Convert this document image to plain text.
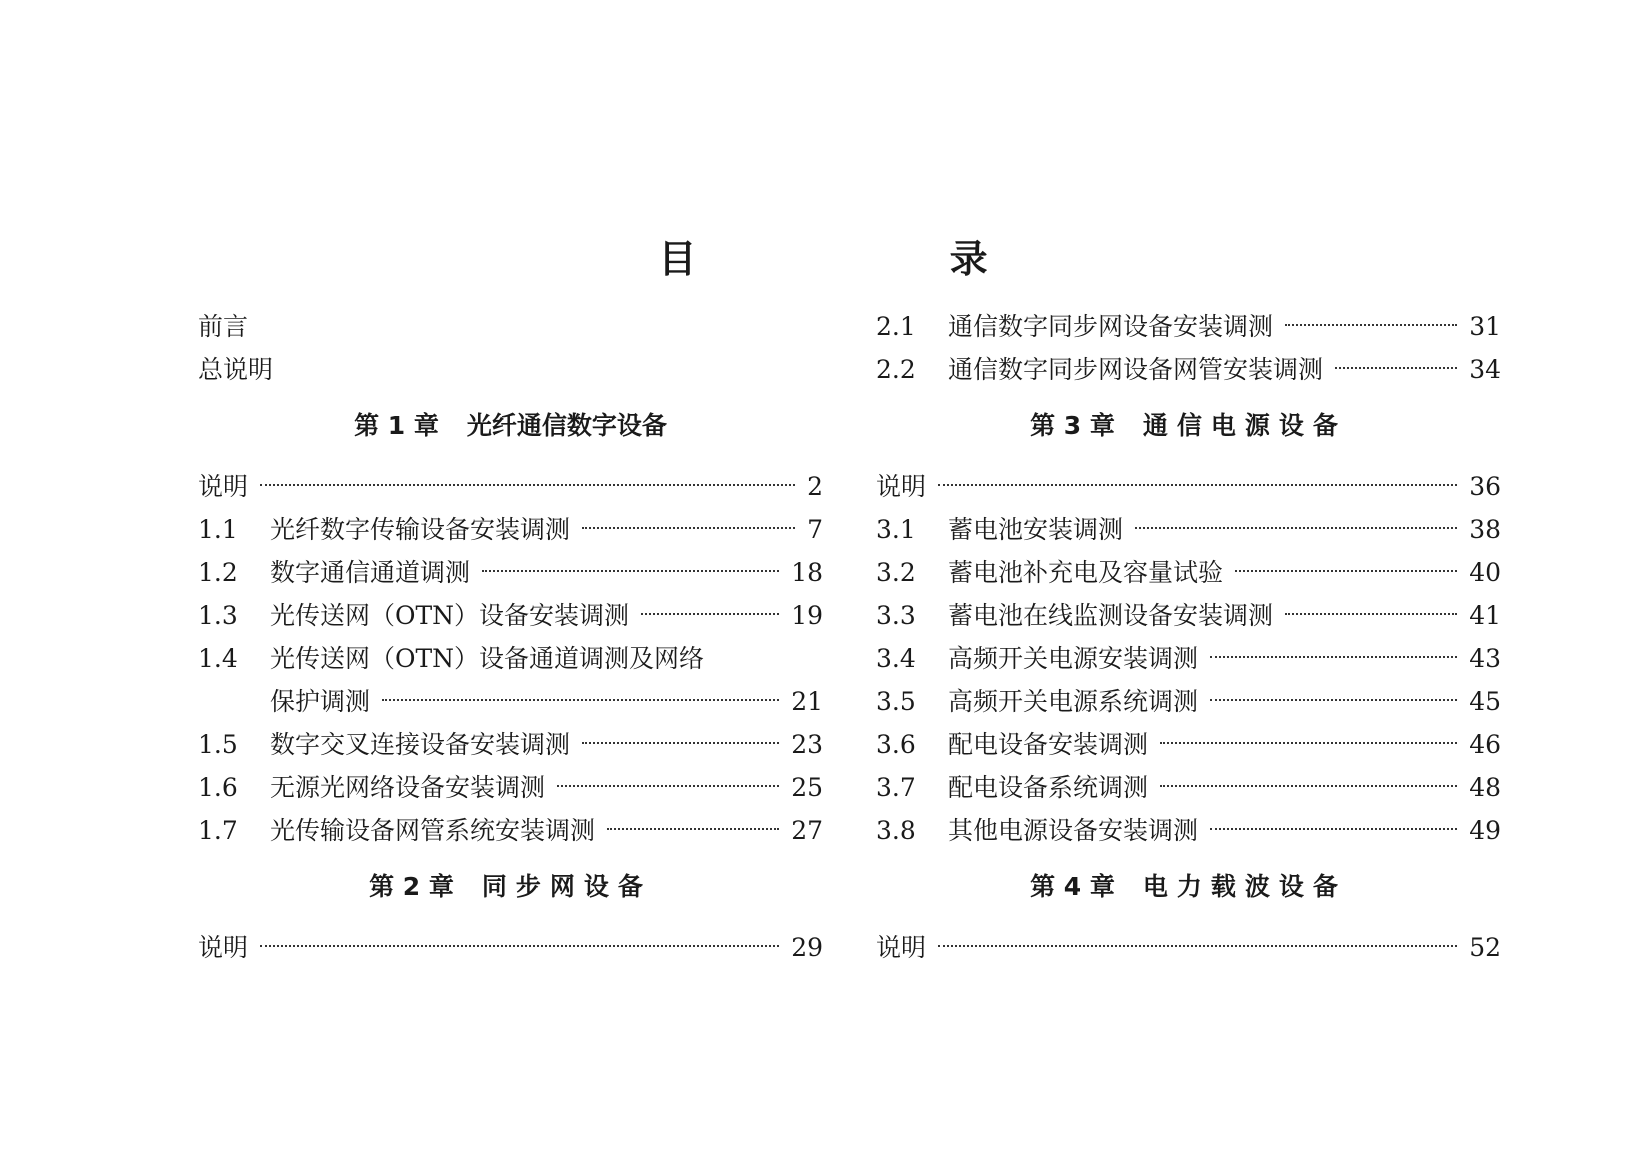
目 录
前言
总说明
第 1 章 光纤通信数字设备
说明	2
1.1	光纤数字传输设备安装调测	7
1.2	数字通信通道调测	18
1.3	光传送网（OTN）设备安装调测	19
1.4	光传送网（OTN）设备通道调测及网络
保护调测	21
1.5	数字交叉连接设备安装调测	23
1.6	无源光网络设备安装调测	25
1.7	光传输设备网管系统安装调测	27
第 2 章 同步网设备
说明	29
2.1	通信数字同步网设备安装调测	31
2.2	通信数字同步网设备网管安装调测	34
第 3 章 通信电源设备
说明	36
3.1	蓄电池安装调测	38
3.2	蓄电池补充电及容量试验	40
3.3	蓄电池在线监测设备安装调测	41
3.4	高频开关电源安装调测	43
3.5	高频开关电源系统调测	45
3.6	配电设备安装调测	46
3.7	配电设备系统调测	48
3.8	其他电源设备安装调测	49
第 4 章 电力载波设备
说明	52
